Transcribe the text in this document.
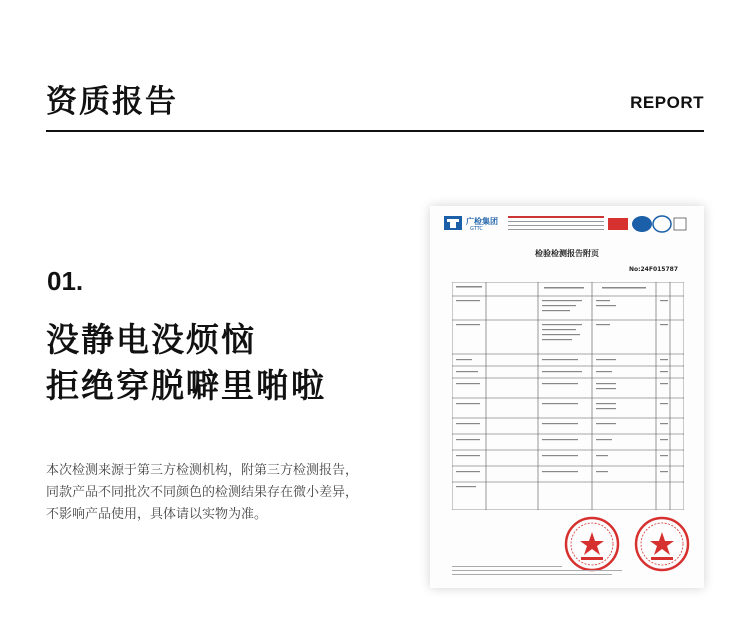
资质报告	REPORT
01.
没静电没烦恼
拒绝穿脱噼里啪啦
本次检测来源于第三方检测机构，附第三方检测报告，
同款产品不同批次不同颜色的检测结果存在微小差异，
不影响产品使用，具体请以实物为准。
广检集团
GTTC
检验检测报告附页
No:24F015787
